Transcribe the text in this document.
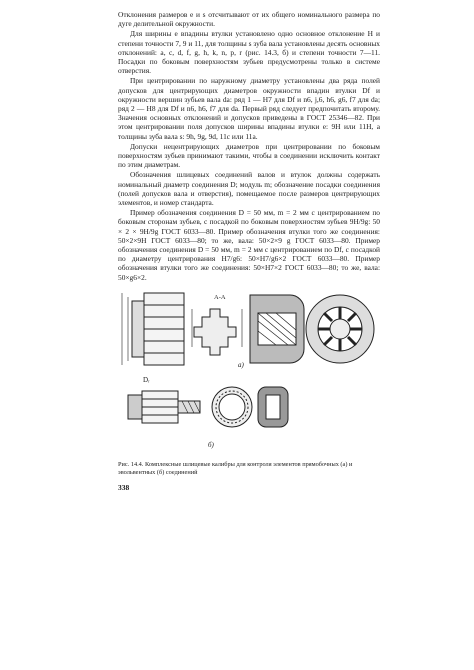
Отклонения размеров e и s отсчитывают от их общего номинального размера по дуге делительной окружности.

Для ширины e впадины втулки установлено одно основное отклонение H и степени точности 7, 9 и 11, для толщины s зуба вала установлены десять основных отклонений: a, c, d, f, g, h, k, n, p, r (рис. 14.3, б) и степени точности 7—11. Посадки по боковым поверхностям зубьев предусмотрены только в системе отверстия.

При центрировании по наружному диаметру установлены два ряда полей допусков для центрирующих диаметров окружности впадин втулки Df и окружности вершин зубьев вала da: ряд 1 — H7 для Df и n6, j,6, h6, g6, f7 для da; ряд 2 — H8 для Df и n6, h6, f7 для da. Первый ряд следует предпочитать второму. Значения основных отклонений и допусков приведены в ГОСТ 25346—82. При этом центрировании поля допусков ширины впадины втулки e: 9H или 11H, а толщины зуба вала s: 9h, 9g, 9d, 11c или 11a.

Допуски нецентрирующих диаметров при центрировании по боковым поверхностям зубьев принимают такими, чтобы в соединении исключить контакт по этим диаметрам.

Обозначения шлицевых соединений валов и втулок должны содержать номинальный диаметр соединения D; модуль m; обозначение посадки соединения (полей допусков вала и отверстия), помещаемое после размеров центрирующих элементов, и номер стандарта.

Пример обозначения соединения D = 50 мм, m = 2 мм с центрированием по боковым сторонам зубьев, с посадкой по боковым поверхностям зубьев 9H/9g: 50 × 2 × 9H/9g ГОСТ 6033—80. Пример обозначения втулки того же соединения: 50×2×9H ГОСТ 6033—80; то же, вала: 50×2×9 g ГОСТ 6033—80. Пример обозначения соединения D = 50 мм, m = 2 мм с центрированием по Df, с посадкой по диаметру центрирования H7/g6: 50×H7/g6×2 ГОСТ 6033—80. Пример обозначения втулки того же соединения: 50×H7×2 ГОСТ 6033—80; то же, вала: 50×g6×2.

Dᵣ
А-А
а)
б)

Рис. 14.4. Комплексные шлицевые калибры для контроля элементов прямобочных (а) и эвольвентных (б) соединений

338
